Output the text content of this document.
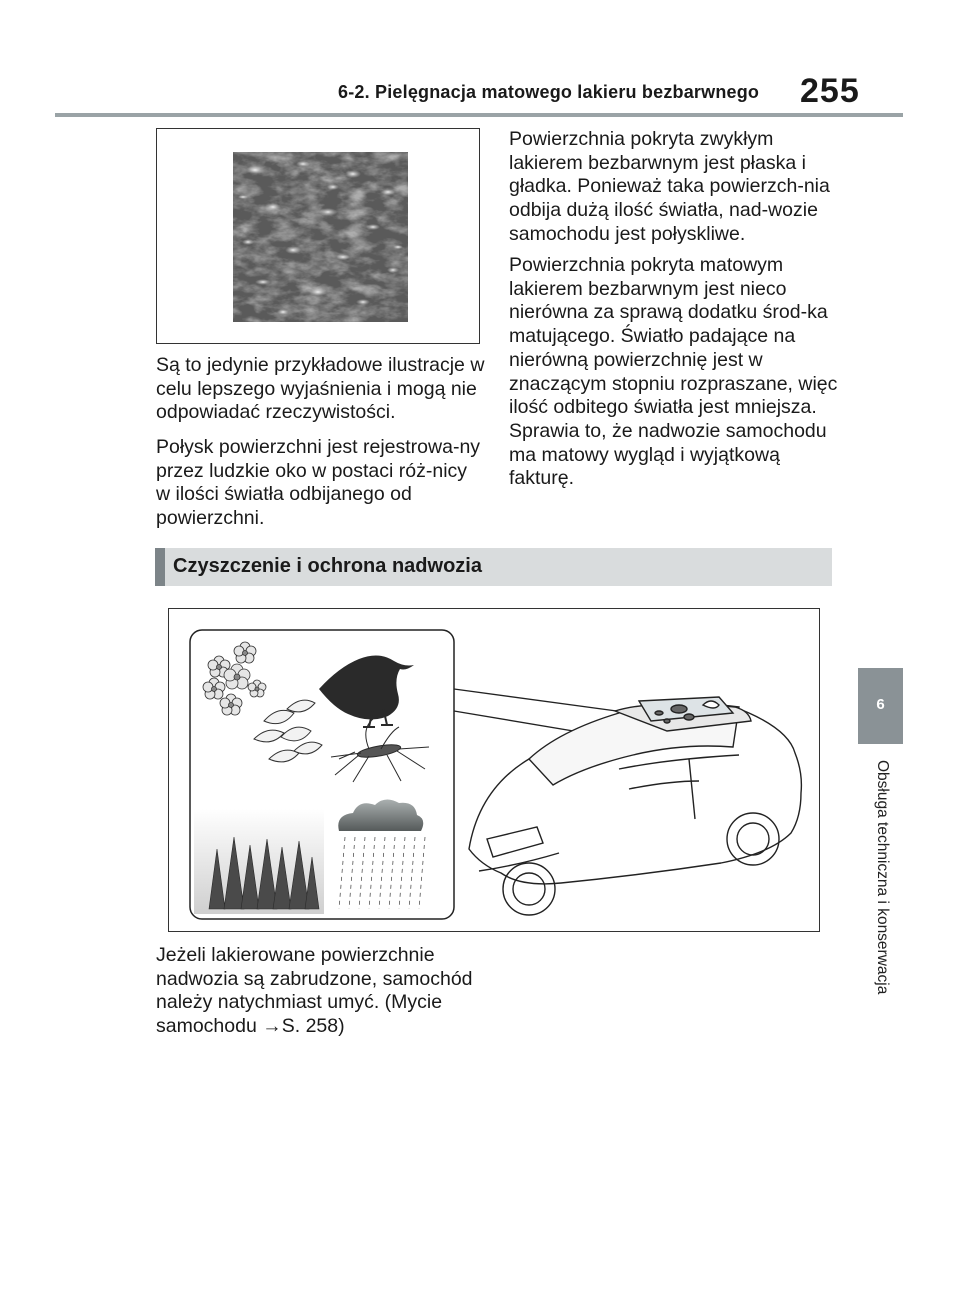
6-2. Pielęgnacja matowego lakieru bezbarwnego 255
6
Obsługa techniczna i konserwacja
Są to jedynie przykładowe ilustracje w celu lepszego wyjaśnienia i mogą nie odpowiadać rzeczywistości.
Połysk powierzchni jest rejestrowa-ny przez ludzkie oko w postaci róż-nicy w ilości światła odbijanego od powierzchni.
Powierzchnia pokryta zwykłym lakierem bezbarwnym jest płaska i gładka. Ponieważ taka powierzch-nia odbija dużą ilość światła, nad-wozie samochodu jest połyskliwe.
Powierzchnia pokryta matowym lakierem bezbarwnym jest nieco nierówna za sprawą dodatku środ-ka matującego. Światło padające na nierówną powierzchnię jest w znaczącym stopniu rozpraszane, więc ilość odbitego światła jest mniejsza. Sprawia to, że nadwozie samochodu ma matowy wygląd i wyjątkową fakturę.
Czyszczenie i ochrona nadwozia
Jeżeli lakierowane powierzchnie nadwozia są zabrudzone, samochód należy natychmiast umyć. (Mycie samochodu →S. 258)
